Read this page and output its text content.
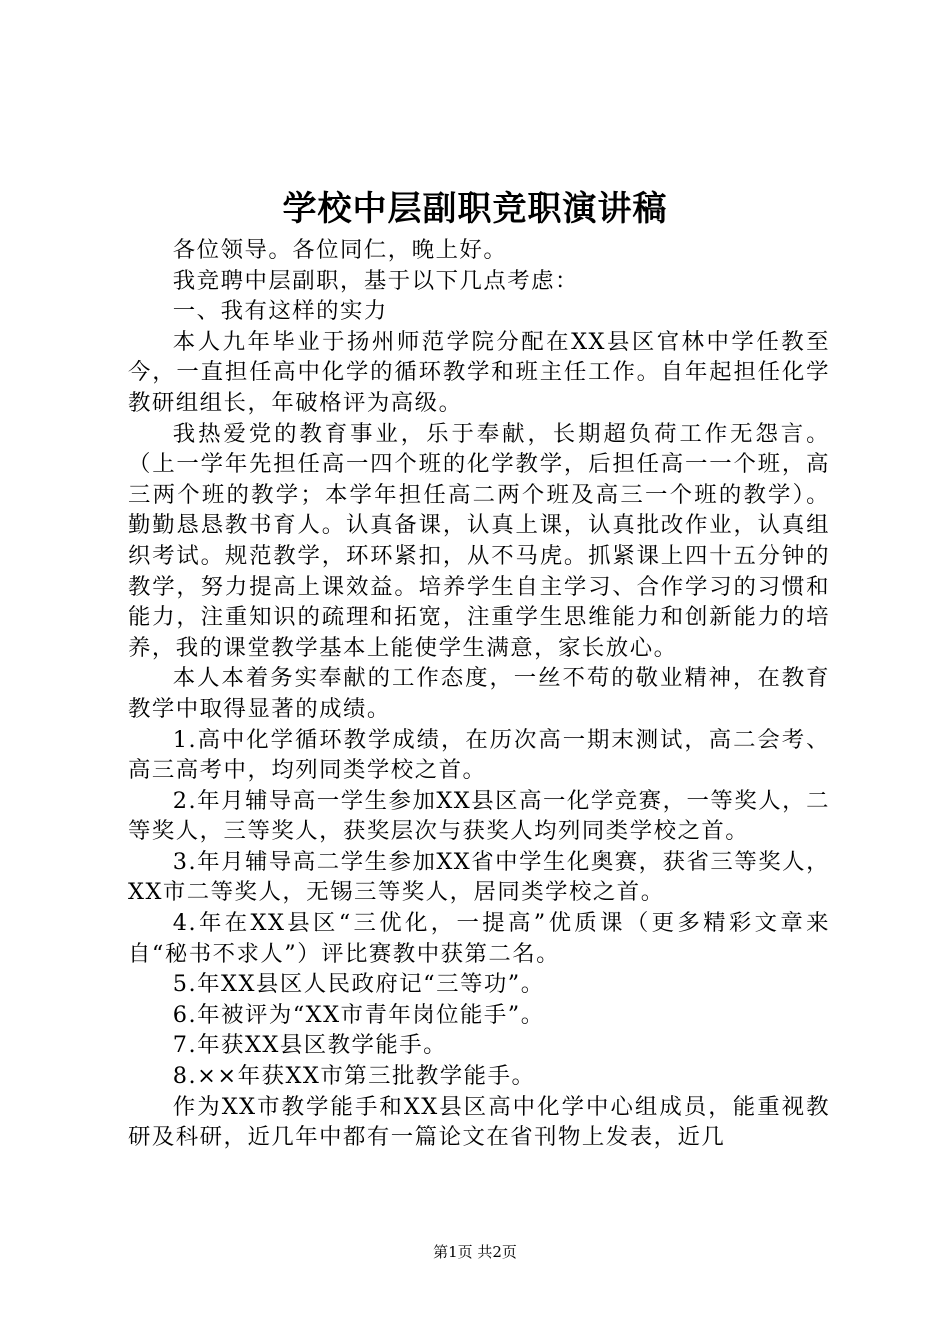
学校中层副职竞职演讲稿

各位领导。各位同仁，晚上好。

我竞聘中层副职，基于以下几点考虑：

一、我有这样的实力

本人九年毕业于扬州师范学院分配在XX县区官林中学任教至今，一直担任高中化学的循环教学和班主任工作。自年起担任化学教研组组长，年破格评为高级。

我热爱党的教育事业，乐于奉献，长期超负荷工作无怨言。（上一学年先担任高一四个班的化学教学，后担任高一一个班，高三两个班的教学；本学年担任高二两个班及高三一个班的教学）。勤勤恳恳教书育人。认真备课，认真上课，认真批改作业，认真组织考试。规范教学，环环紧扣，从不马虎。抓紧课上四十五分钟的教学，努力提高上课效益。培养学生自主学习、合作学习的习惯和能力，注重知识的疏理和拓宽，注重学生思维能力和创新能力的培养，我的课堂教学基本上能使学生满意，家长放心。

本人本着务实奉献的工作态度，一丝不苟的敬业精神，在教育教学中取得显著的成绩。

1.高中化学循环教学成绩，在历次高一期末测试，高二会考、高三高考中，均列同类学校之首。

2.年月辅导高一学生参加XX县区高一化学竞赛，一等奖人，二等奖人，三等奖人，获奖层次与获奖人均列同类学校之首。

3.年月辅导高二学生参加XX省中学生化奥赛，获省三等奖人，XX市二等奖人，无锡三等奖人，居同类学校之首。

4.年在XX县区“三优化，一提高”优质课（更多精彩文章来自“秘书不求人”）评比赛教中获第二名。

5.年XX县区人民政府记“三等功”。

6.年被评为“XX市青年岗位能手”。

7.年获XX县区教学能手。

8.××年获XX市第三批教学能手。

作为XX市教学能手和XX县区高中化学中心组成员，能重视教研及科研，近几年中都有一篇论文在省刊物上发表，近几

第1页 共2页
